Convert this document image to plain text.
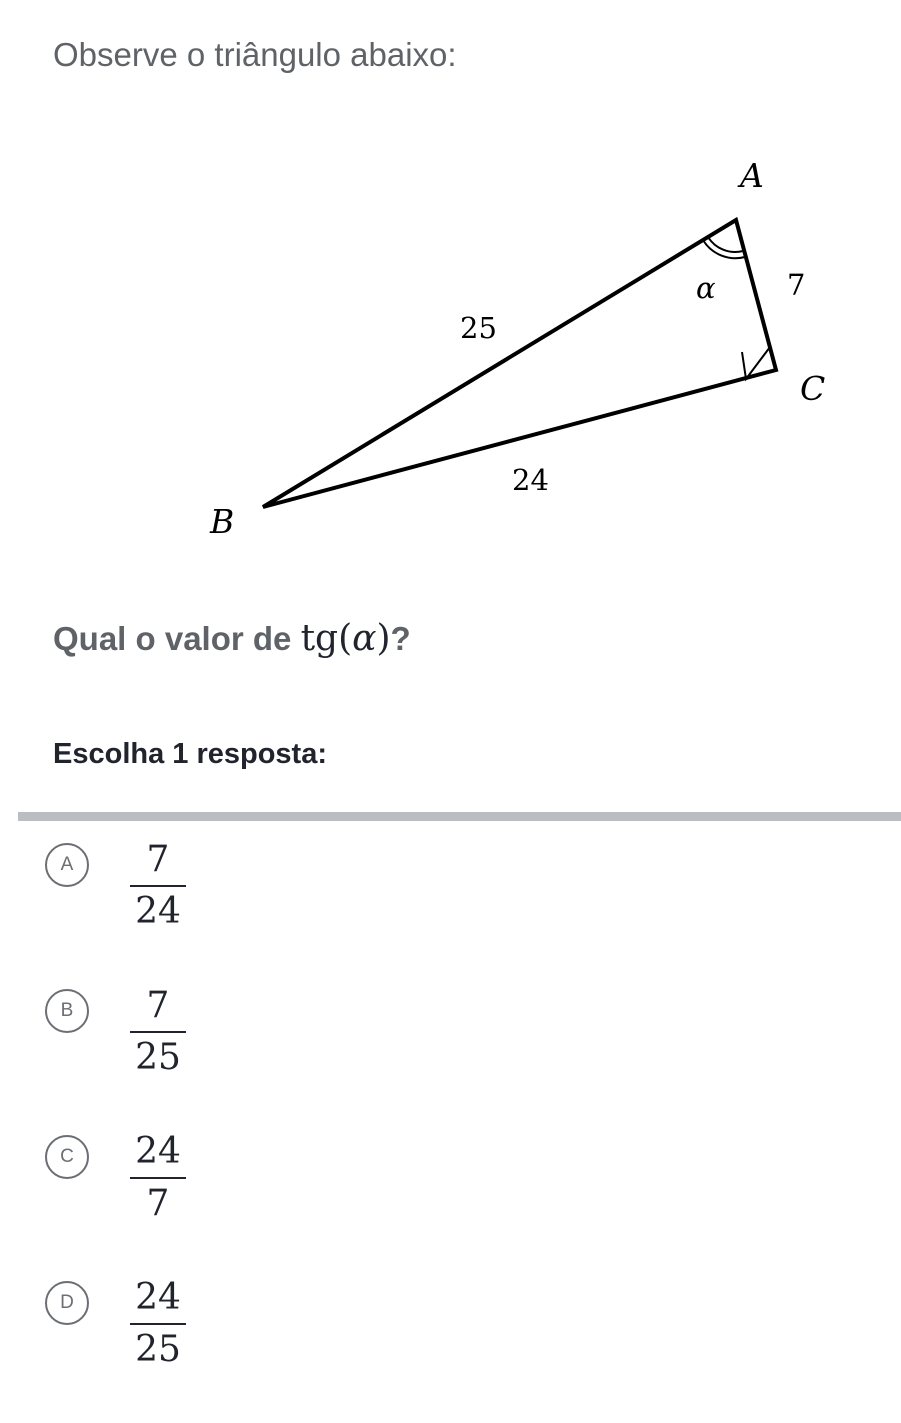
Observe o triângulo abaixo:
A
B
C
25
24
7
α

Qual o valor de tg(α)?

Escolha 1 resposta:

A	7
24
B	7
25
C	24
7
D	24
25
